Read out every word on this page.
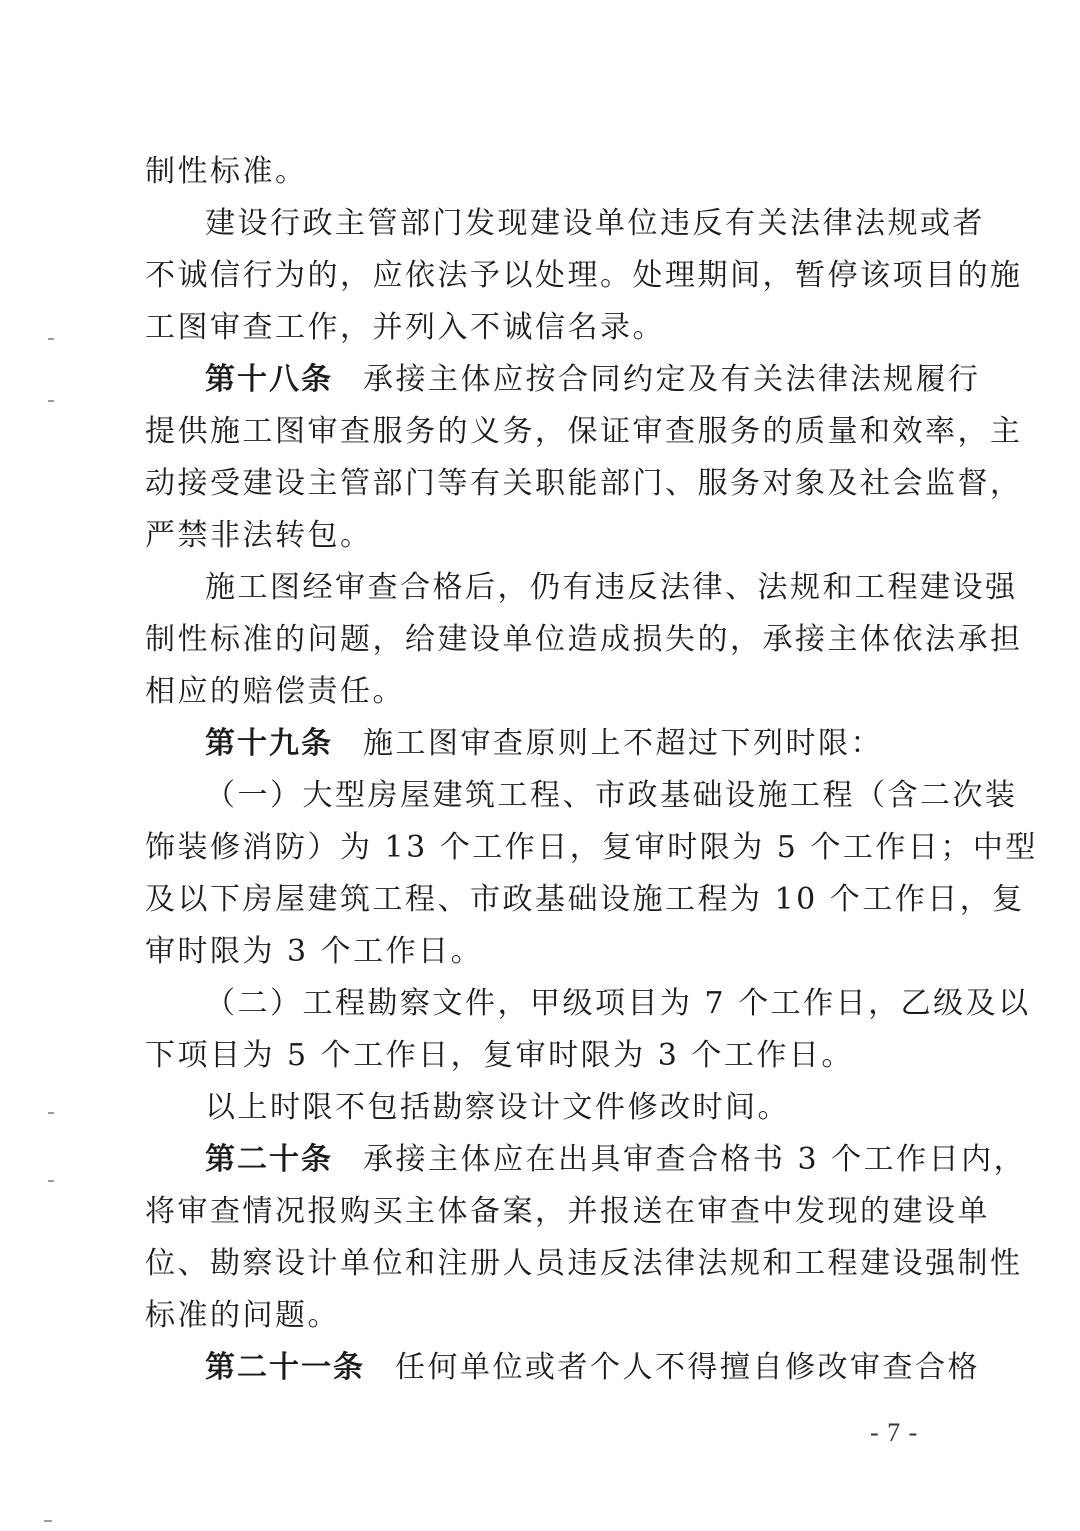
制性标准。
建设行政主管部门发现建设单位违反有关法律法规或者
不诚信行为的，应依法予以处理。处理期间，暂停该项目的施
工图审查工作，并列入不诚信名录。
第十八条 承接主体应按合同约定及有关法律法规履行
提供施工图审查服务的义务，保证审查服务的质量和效率，主
动接受建设主管部门等有关职能部门、服务对象及社会监督，
严禁非法转包。
施工图经审查合格后，仍有违反法律、法规和工程建设强
制性标准的问题，给建设单位造成损失的，承接主体依法承担
相应的赔偿责任。
第十九条 施工图审查原则上不超过下列时限：
（一）大型房屋建筑工程、市政基础设施工程（含二次装
饰装修消防）为 13 个工作日，复审时限为 5 个工作日；中型
及以下房屋建筑工程、市政基础设施工程为 10 个工作日，复
审时限为 3 个工作日。
（二）工程勘察文件，甲级项目为 7 个工作日，乙级及以
下项目为 5 个工作日，复审时限为 3 个工作日。
以上时限不包括勘察设计文件修改时间。
第二十条 承接主体应在出具审查合格书 3 个工作日内，
将审查情况报购买主体备案，并报送在审查中发现的建设单
位、勘察设计单位和注册人员违反法律法规和工程建设强制性
标准的问题。
第二十一条 任何单位或者个人不得擅自修改审查合格
- 7 -
